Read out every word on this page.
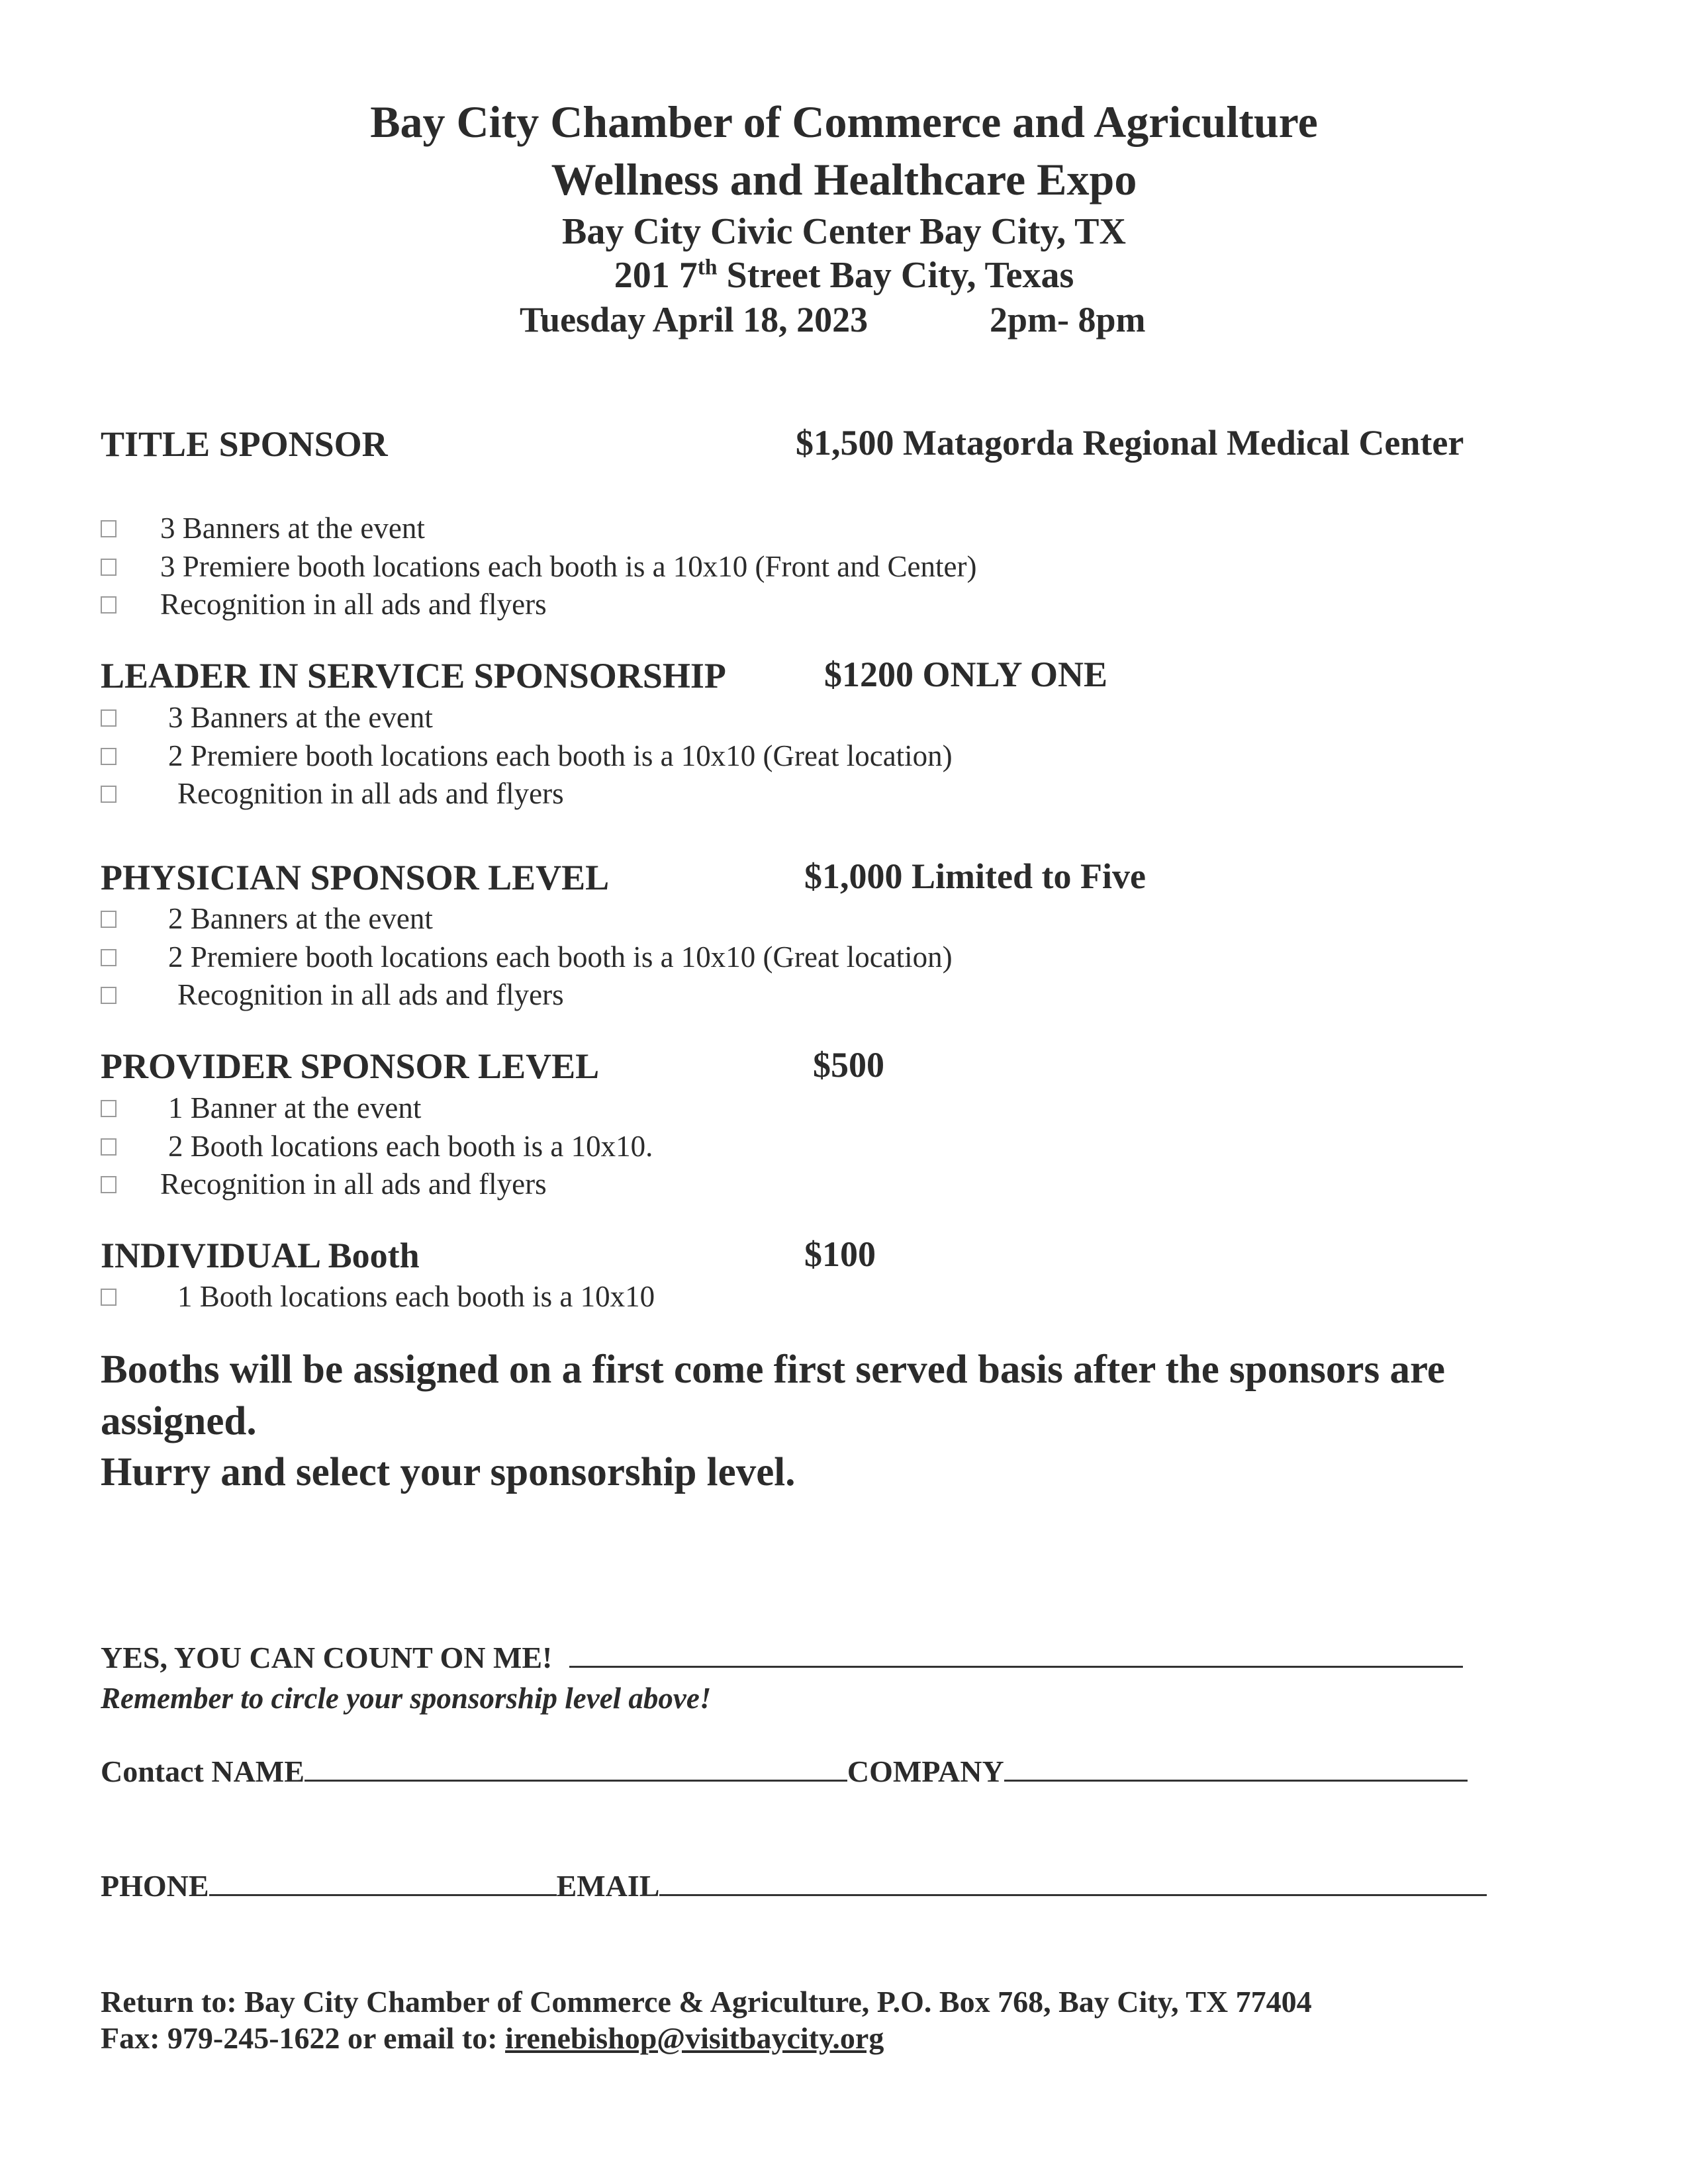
Bay City Chamber of Commerce and Agriculture
Wellness and Healthcare Expo
Bay City Civic Center Bay City, TX
201 7th Street Bay City, Texas
Tuesday April 18, 2023	2pm- 8pm
TITLE SPONSOR	$1,500 Matagorda Regional Medical Center
3 Banners at the event
3 Premiere booth locations each booth is a 10x10 (Front and Center)
Recognition in all ads and flyers
LEADER IN SERVICE SPONSORSHIP	$1200 ONLY ONE
3 Banners at the event
2 Premiere booth locations each booth is a 10x10 (Great location)
Recognition in all ads and flyers
PHYSICIAN SPONSOR LEVEL	$1,000 Limited to Five
2 Banners at the event
2 Premiere booth locations each booth is a 10x10 (Great location)
Recognition in all ads and flyers
PROVIDER SPONSOR LEVEL	$500
1 Banner at the event
2 Booth locations each booth is a 10x10.
Recognition in all ads and flyers
INDIVIDUAL Booth	$100
1 Booth locations each booth is a 10x10
Booths will be assigned on a first come first served basis after the sponsors are
assigned.
Hurry and select your sponsorship level.
YES, YOU CAN COUNT ON ME!
Remember to circle your sponsorship level above!
Contact NAME	COMPANY
PHONE	EMAIL
Return to: Bay City Chamber of Commerce & Agriculture, P.O. Box 768, Bay City, TX 77404
Fax: 979-245-1622 or email to: irenebishop@visitbaycity.org
